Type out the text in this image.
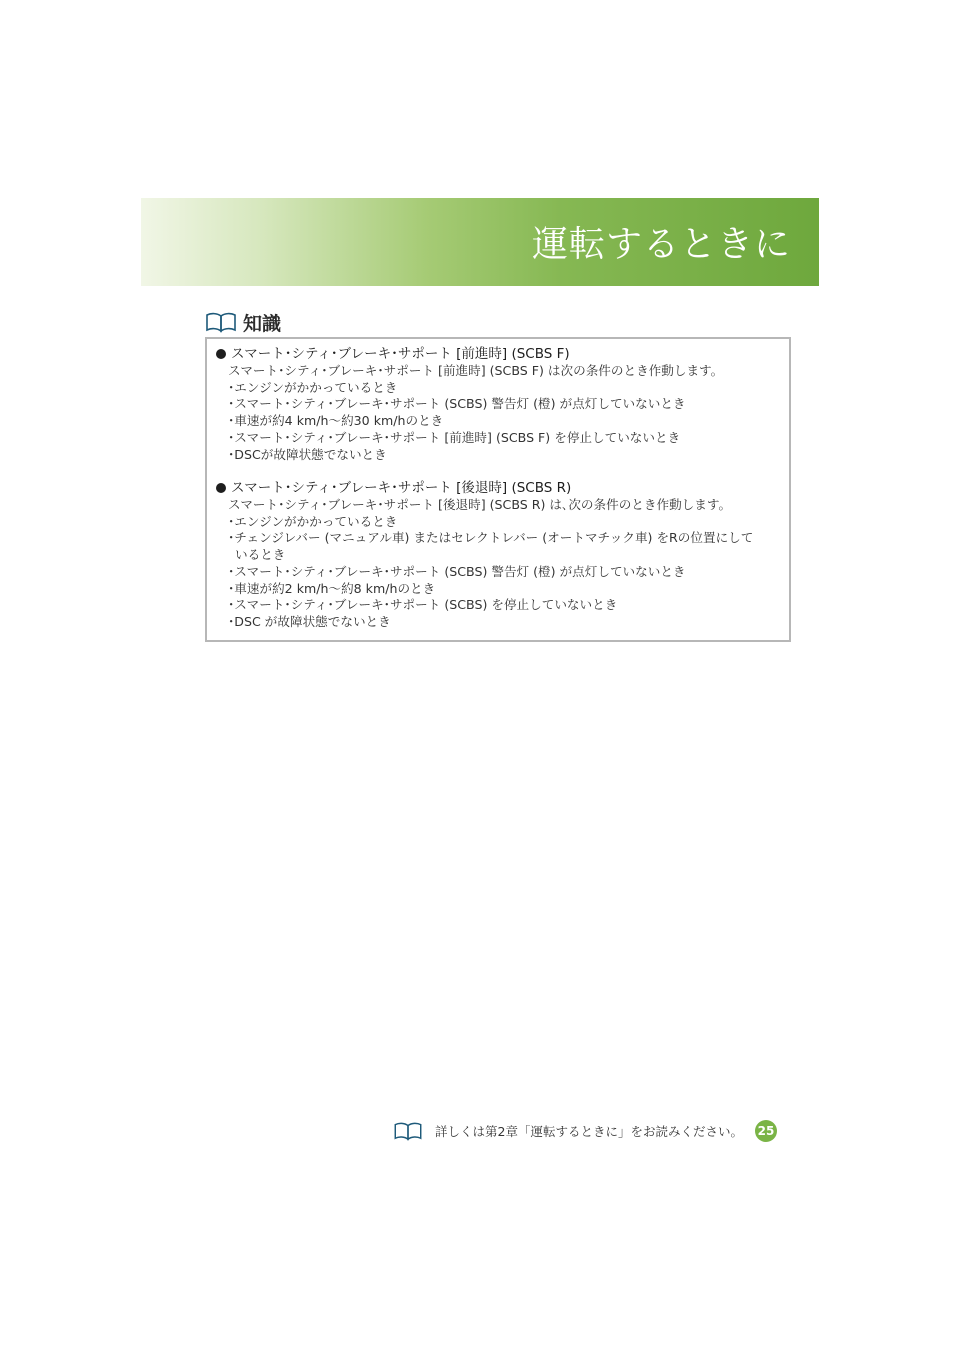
運転するときに
知識
スマート･シティ･ブレーキ･サポート [前進時] (SCBS F)
スマート･シティ･ブレーキ･サポート [前進時] (SCBS F) は次の条件のとき作動します。
･エンジンがかかっているとき
･スマート･シティ･ブレーキ･サポート (SCBS) 警告灯 (橙) が点灯していないとき
･車速が約4 km/h～約30 km/hのとき
･スマート･シティ･ブレーキ･サポート [前進時] (SCBS F) を停止していないとき
･DSCが故障状態でないとき
スマート･シティ･ブレーキ･サポート [後退時] (SCBS R)
スマート･シティ･ブレーキ･サポート [後退時] (SCBS R) は､次の条件のとき作動します。
･エンジンがかかっているとき
･チェンジレバー (マニュアル車) またはセレクトレバー (オートマチック車) をRの位置にして
いるとき
･スマート･シティ･ブレーキ･サポート (SCBS) 警告灯 (橙) が点灯していないとき
･車速が約2 km/h～約8 km/hのとき
･スマート･シティ･ブレーキ･サポート (SCBS) を停止していないとき
･DSC が故障状態でないとき
詳しくは第2章「運転するときに」をお読みください。 25
